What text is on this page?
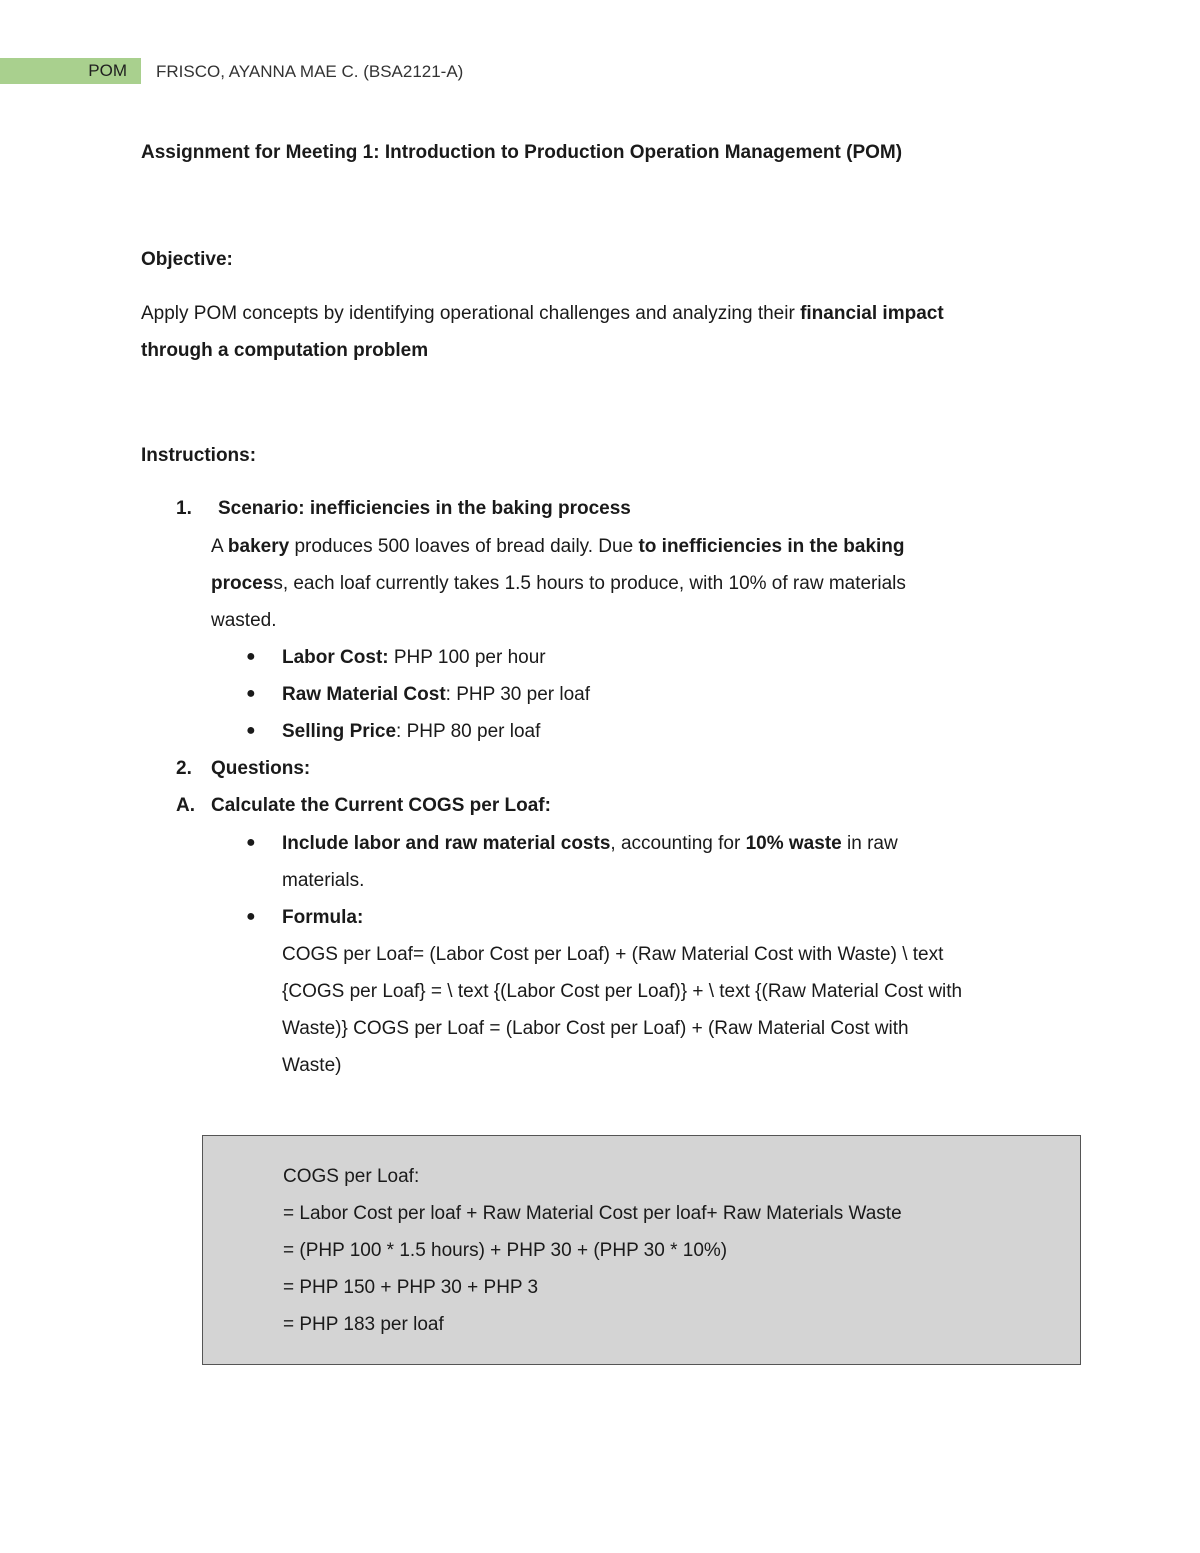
POM	FRISCO, AYANNA MAE C. (BSA2121-A)
Assignment for Meeting 1: Introduction to Production Operation Management (POM)
Objective:
Apply POM concepts by identifying operational challenges and analyzing their financial impact
through a computation problem
Instructions:
1. Scenario: inefficiencies in the baking process
A bakery produces 500 loaves of bread daily. Due to inefficiencies in the baking
process, each loaf currently takes 1.5 hours to produce, with 10% of raw materials
wasted.
● Labor Cost: PHP 100 per hour
● Raw Material Cost: PHP 30 per loaf
● Selling Price: PHP 80 per loaf
2. Questions:
A. Calculate the Current COGS per Loaf:
● Include labor and raw material costs, accounting for 10% waste in raw
materials.
● Formula:
COGS per Loaf= (Labor Cost per Loaf) + (Raw Material Cost with Waste) \ text
{COGS per Loaf} = \ text {(Labor Cost per Loaf)} + \ text {(Raw Material Cost with
Waste)} COGS per Loaf = (Labor Cost per Loaf) + (Raw Material Cost with
Waste)
COGS per Loaf:
= Labor Cost per loaf + Raw Material Cost per loaf+ Raw Materials Waste
= (PHP 100 * 1.5 hours) + PHP 30 + (PHP 30 * 10%)
= PHP 150 + PHP 30 + PHP 3
= PHP 183 per loaf
